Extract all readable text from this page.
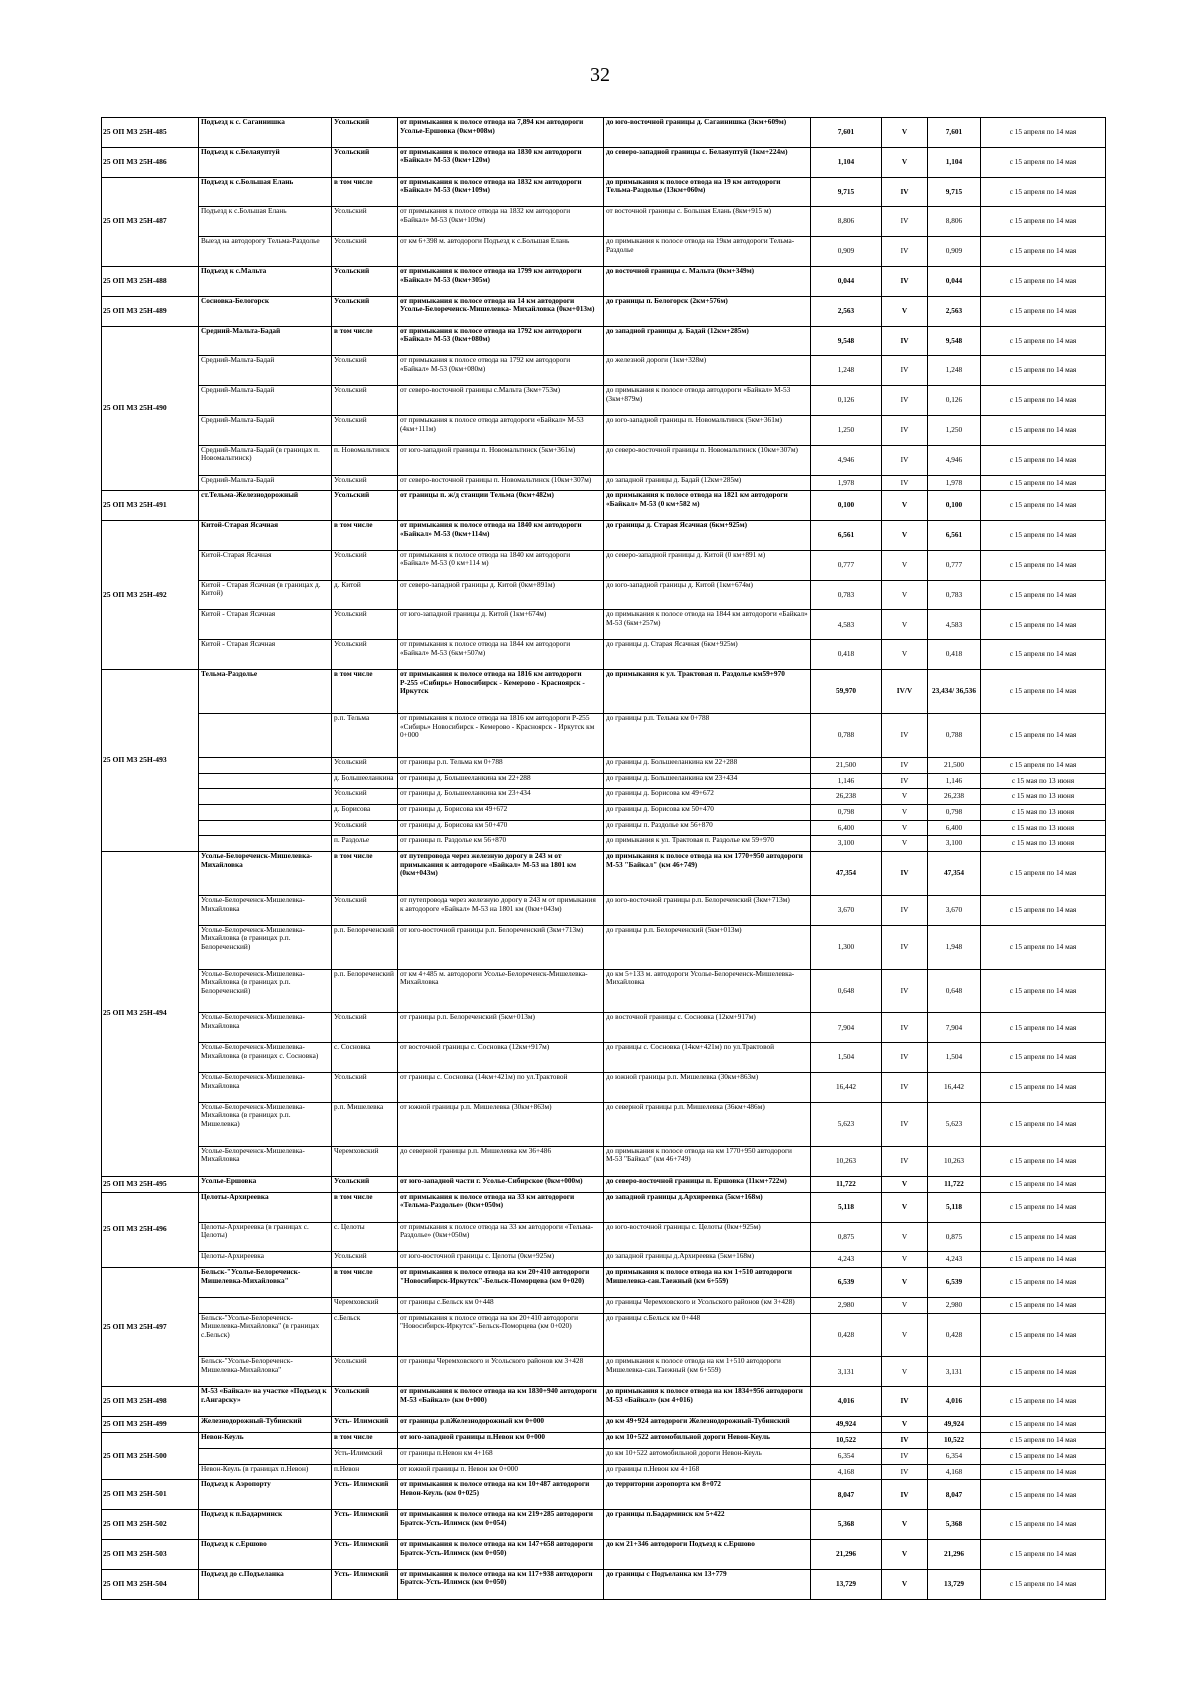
32
25 ОП МЗ 25Н-485	Подъезд к с. Сагаинишка	Усольский	от примыкания к полосе отвода на 7,894 км автодороги Усолье-Ершовка (0км+008м)	до юго-восточной границы д. Сагаинишка (3км+609м)	7,601	V	7,601	с 15 апреля по 14 мая
25 ОП МЗ 25Н-486	Подъезд к с.Белаяуптуй	Усольский	от примыкания к полосе отвода на 1830 км автодороги «Байкал» М-53 (0км+120м)	до северо-западной границы с. Белаяуптуй (1км+224м)	1,104	V	1,104	с 15 апреля по 14 мая
25 ОП МЗ 25Н-487	Подъезд к с.Большая Елань	в том числе	от примыкания к полосе отвода на 1832 км автодороги «Байкал» М-53 (0км+109м)	до примыкания к полосе отвода на 19 км автодороги Тельма-Раздолье (13км+060м)	9,715	IV	9,715	с 15 апреля по 14 мая
	Подъезд к с.Большая Елань	Усольский	от примыкания к полосе отвода на 1832 км автодороги «Байкал» М-53 (0км+109м)	от восточной границы с. Большая Елань (8км+915 м)	8,806	IV	8,806	с 15 апреля по 14 мая
	Выезд на автодорогу Тельма-Раздолье	Усольский	от км 6+398 м. автодороги Подъезд к с.Большая Елань	до примыкания к полосе отвода на 19км автодороги Тельма-Раздолье	0,909	IV	0,909	с 15 апреля по 14 мая
25 ОП МЗ 25Н-488	Подъезд к с.Мальта	Усольский	от примыкания к полосе отвода на 1799 км автодороги «Байкал» М-53 (0км+305м)	до восточной границы с. Мальта (0км+349м)	0,044	IV	0,044	с 15 апреля по 14 мая
25 ОП МЗ 25Н-489	Сосновка-Белогорск	Усольский	от примыкания к полосе отвода на 14 км автодороги Усолье-Белореченск-Мишелевка- Михайловка (0км+013м)	до границы п. Белогорск (2км+576м)	2,563	V	2,563	с 15 апреля по 14 мая
25 ОП МЗ 25Н-490	Средний-Мальта-Бадай	в том числе	от примыкания к полосе отвода на 1792 км автодороги «Байкал» М-53 (0км+080м)	до западной границы д. Бадай (12км+285м)	9,548	IV	9,548	с 15 апреля по 14 мая
	Средний-Мальта-Бадай	Усольский	от примыкания к полосе отвода на 1792 км автодороги «Байкал» М-53 (0км+080м)	до железной дороги (1км+328м)	1,248	IV	1,248	с 15 апреля по 14 мая
	Средний-Мальта-Бадай	Усольский	от северо-восточной границы с.Мальта (3км+753м)	до примыкания к полосе отвода автодороги «Байкал» М-53 (3км+879м)	0,126	IV	0,126	с 15 апреля по 14 мая
	Средний-Мальта-Бадай	Усольский	от примыкания к полосе отвода автодороги «Байкал» М-53 (4км+111м)	до юго-западной границы п. Новомальтинск (5км+361м)	1,250	IV	1,250	с 15 апреля по 14 мая
	Средний-Мальта-Бадай (в границах п. Новомальтинск)	п. Новомальтинск	от юго-западной границы п. Новомальтинск (5км+361м)	до северо-восточной границы п. Новомальтинск (10км+307м)	4,946	IV	4,946	с 15 апреля по 14 мая
	Средний-Мальта-Бадай	Усольский	от северо-восточной границы п. Новомальтинск (10км+307м)	до западной границы д. Бадай (12км+285м)	1,978	IV	1,978	с 15 апреля по 14 мая
25 ОП МЗ 25Н-491	ст.Тельма-Железнодорожный	Усольский	от границы п. ж/д станции Тельма (0км+482м)	до примыкания к полосе отвода на 1821 км автодороги «Байкал» М-53 (0 км+582 м)	0,100	V	0,100	с 15 апреля по 14 мая
25 ОП МЗ 25Н-492	Китой-Старая Ясачная	в том числе	от примыкания к полосе отвода на 1840 км автодороги «Байкал» М-53 (0км+114м)	до границы д. Старая Ясачная (6км+925м)	6,561	V	6,561	с 15 апреля по 14 мая
	Китой-Старая Ясачная	Усольский	от примыкания к полосе отвода на 1840 км автодороги «Байкал» М-53 (0 км+114 м)	до северо-западной границы д. Китой (0 км+891 м)	0,777	V	0,777	с 15 апреля по 14 мая
	Китой - Старая Ясачная (в границах д. Китой)	д. Китой	от северо-западной границы д. Китой (0км+891м)	до юго-западной границы д. Китой (1км+674м)	0,783	V	0,783	с 15 апреля по 14 мая
	Китой - Старая Ясачная	Усольский	от юго-западной границы д. Китой (1км+674м)	до примыкания к полосе отвода на 1844 км автодороги «Байкал» М-53 (6км+257м)	4,583	V	4,583	с 15 апреля по 14 мая
	Китой - Старая Ясачная	Усольский	от примыкания к полосе отвода на 1844 км автодороги «Байкал» М-53 (6км+507м)	до границы д. Старая Ясачная (6км+925м)	0,418	V	0,418	с 15 апреля по 14 мая
25 ОП МЗ 25Н-493	Тельма-Раздолье	в том числе	от примыкания к полосе отвода на 1816 км автодороги Р-255 «Сибирь» Новосибирск - Кемерово - Красноярск - Иркутск	до примыкания к ул. Трактовая п. Раздолье км59+970	59,970	IV/V	23,434/ 36,536	с 15 апреля по 14 мая
		р.п. Тельма	от примыкания к полосе отвода на 1816 км автодороги Р-255 «Сибирь» Новосибирск - Кемерово - Красноярск - Иркутск км 0+000	до границы р.п. Тельма км 0+788	0,788	IV	0,788	с 15 апреля по 14 мая
		Усольский	от границы р.п. Тельма км 0+788	до границы д. Большееланкина км 22+288	21,500	IV	21,500	с 15 апреля по 14 мая
		д. Большееланкина	от границы д. Большееланкина км 22+288	до границы д. Большееланкина км 23+434	1,146	IV	1,146	с 15 мая по 13 июня
		Усольский	от границы д. Большееланкина км 23+434	до границы д. Борисова км 49+672	26,238	V	26,238	с 15 мая по 13 июня
		д. Борисова	от границы д. Борисова км 49+672	до границы д. Борисова км 50+470	0,798	V	0,798	с 15 мая по 13 июня
		Усольский	от границы д. Борисова км 50+470	до границы п. Раздолье км 56+870	6,400	V	6,400	с 15 мая по 13 июня
		п. Раздолье	от границы п. Раздолье км 56+870	до примыкания к ул. Трактовая п. Раздолье км 59+970	3,100	V	3,100	с 15 мая по 13 июня
25 ОП МЗ 25Н-494	Усолье-Белореченск-Мишелевка-Михайловка	в том числе	от путепровода через железную дорогу в 243 м от примыкания к автодороге «Байкал» М-53 на 1801 км (0км+043м)	до примыкания к полосе отвода на км 1770+950 автодороги М-53 "Байкал" (км 46+749)	47,354	IV	47,354	с 15 апреля по 14 мая
	Усолье-Белореченск-Мишелевка-Михайловка	Усольский	от путепровода через железную дорогу в 243 м от примыкания к автодороге «Байкал» М-53 на 1801 км (0км+043м)	до юго-восточной границы р.п. Белореченский (3км+713м)	3,670	IV	3,670	с 15 апреля по 14 мая
	Усолье-Белореченск-Мишелевка-Михайловка (в границах р.п. Белореченский)	р.п. Белореченский	от юго-восточной границы р.п. Белореченский (3км+713м)	до границы р.п. Белореченский (5км+013м)	1,300	IV	1,948	с 15 апреля по 14 мая
	Усолье-Белореченск-Мишелевка-Михайловка (в границах р.п. Белореченский)	р.п. Белореченский	от км 4+485 м. автодороги Усолье-Белореченск-Мишелевка-Михайловка	до км 5+133 м. автодороги Усолье-Белореченск-Мишелевка-Михайловка	0,648	IV	0,648	с 15 апреля по 14 мая
	Усолье-Белореченск-Мишелевка-Михайловка	Усольский	от границы р.п. Белореченский (5км+013м)	до восточной границы с. Сосновка (12км+917м)	7,904	IV	7,904	с 15 апреля по 14 мая
	Усолье-Белореченск-Мишелевка-Михайловка (в границах с. Сосновка)	с. Сосновка	от восточной границы с. Сосновка (12км+917м)	до границы с. Сосновка (14км+421м) по ул.Трактовой	1,504	IV	1,504	с 15 апреля по 14 мая
	Усолье-Белореченск-Мишелевка-Михайловка	Усольский	от границы с. Сосновка (14км+421м) по ул.Трактовой	до южной границы р.п. Мишелевка (30км+863м)	16,442	IV	16,442	с 15 апреля по 14 мая
	Усолье-Белореченск-Мишелевка-Михайловка (в границах р.п. Мишелевка)	р.п. Мишелевка	от южной границы р.п. Мишелевка (30км+863м)	до северной границы р.п. Мишелевка (36км+486м)	5,623	IV	5,623	с 15 апреля по 14 мая
	Усолье-Белореченск-Мишелевка-Михайловка	Черемховский	до северной границы р.п. Мишелевка км 36+486	до примыкания к полосе отвода на км 1770+950 автодороги М-53 "Байкал" (км 46+749)	10,263	IV	10,263	с 15 апреля по 14 мая
25 ОП МЗ 25Н-495	Усолье-Ершовка	Усольский	от юго-западной части г. Усолье-Сибирское (0км+000м)	до северо-восточной границы п. Ершовка (11км+722м)	11,722	V	11,722	с 15 апреля по 14 мая
25 ОП МЗ 25Н-496	Целоты-Архиреевка	в том числе	от примыкания к полосе отвода на 33 км автодороги «Тельма-Раздолье» (0км+050м)	до западной границы д.Архиреевка (5км+168м)	5,118	V	5,118	с 15 апреля по 14 мая
	Целоты-Архиреевка (в границах с. Целоты)	с. Целоты	от примыкания к полосе отвода на 33 км автодороги «Тельма-Раздолье» (0км+050м)	до юго-восточной границы с. Целоты (0км+925м)	0,875	V	0,875	с 15 апреля по 14 мая
	Целоты-Архиреевка	Усольский	от юго-восточной границы с. Целоты (0км+925м)	до западной границы д.Архиреевка (5км+168м)	4,243	V	4,243	с 15 апреля по 14 мая
25 ОП МЗ 25Н-497	Бельск-"Усолье-Белореченск-Мишелевка-Михайловка"	в том числе	от примыкания к полосе отвода на км 20+410 автодороги "Новосибирск-Иркутск"-Бельск-Поморцева (км 0+020)	до примыкания к полосе отвода на км 1+510 автодороги Мишелевка-сан.Таежный (км 6+559)	6,539	V	6,539	с 15 апреля по 14 мая
		Черемховский	от границы с.Бельск км 0+448	до границы Черемховского и Усольского районов (км 3+428)	2,980	V	2,980	с 15 апреля по 14 мая
	Бельск-"Усолье-Белореченск-Мишелевка-Михайловка" (в границах с.Бельск)	с.Бельск	от примыкания к полосе отвода на км 20+410 автодороги "Новосибирск-Иркутск"-Бельск-Поморцева (км 0+020)	до границы с.Бельск км 0+448	0,428	V	0,428	с 15 апреля по 14 мая
	Бельск-"Усолье-Белореченск-Мишелевка-Михайловка"	Усольский	от границы Черемховского и Усольского районов км 3+428	до примыкания к полосе отвода на км 1+510 автодороги Мишелевка-сан.Таежный (км 6+559)	3,131	V	3,131	с 15 апреля по 14 мая
25 ОП МЗ 25Н-498	М-53 «Байкал» на участке «Подъезд к г.Ангарску»	Усольский	от примыкания к полосе отвода на км 1830+940 автодороги М-53 «Байкал» (км 0+000)	до примыкания к полосе отвода на км 1834+956 автодороги М-53 «Байкал» (км 4+016)	4,016	IV	4,016	с 15 апреля по 14 мая
25 ОП МЗ 25Н-499	Железнодорожный-Тубинский	Усть- Илимский	от границы р.пЖелезнодорожный км 0+000	до км 49+924 автодороги Железнодорожный-Тубинский	49,924	V	49,924	с 15 апреля по 14 мая
25 ОП МЗ 25Н-500	Невон-Кеуль	в том числе	от юго-западной границы п.Невон км 0+000	до км 10+522 автомобильной дороги Невон-Кеуль	10,522	IV	10,522	с 15 апреля по 14 мая
		Усть-Илимский	от границы п.Невон км 4+168	до км 10+522 автомобильной дороги Невон-Кеуль	6,354	IV	6,354	с 15 апреля по 14 мая
	Невон-Кеуль (в границах п.Невон)	п.Невон	от южной границы п. Невон км 0+000	до границы п.Невон км 4+168	4,168	IV	4,168	с 15 апреля по 14 мая
25 ОП МЗ 25Н-501	Подъезд к Аэропорту	Усть- Илимский	от примыкания к полосе отвода на км 10+487 автодороги Невон-Кеуль (км 0+025)	до территории аэропорта км 8+072	8,047	IV	8,047	с 15 апреля по 14 мая
25 ОП МЗ 25Н-502	Подъезд к п.Бадарминск	Усть- Илимский	от примыкания к полосе отвода на км 219+285 автодороги Братск-Усть-Илимск (км 0+054)	до границы п.Бадарминск км 5+422	5,368	V	5,368	с 15 апреля по 14 мая
25 ОП МЗ 25Н-503	Подъезд к с.Ершово	Усть- Илимский	от примыкания к полосе отвода на км 147+658 автодороги Братск-Усть-Илимск (км 0+050)	до км 21+346 автодороги Подъезд к с.Ершово	21,296	V	21,296	с 15 апреля по 14 мая
25 ОП МЗ 25Н-504	Подъезд до с.Подъеланка	Усть- Илимский	от примыкания к полосе отвода на км 117+938 автодороги Братск-Усть-Илимск (км 0+050)	до границы с Подъеланка км 13+779	13,729	V	13,729	с 15 апреля по 14 мая
